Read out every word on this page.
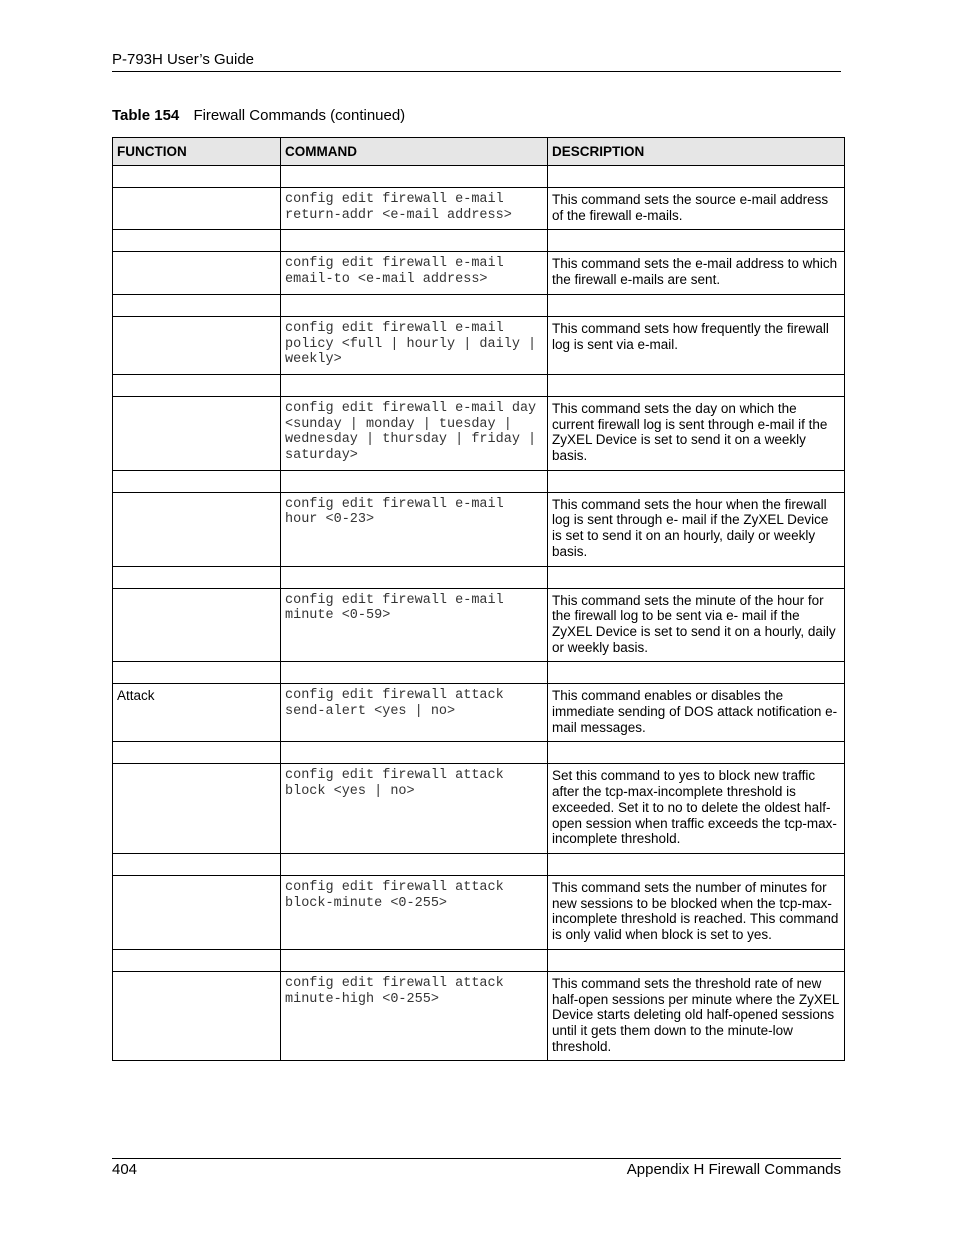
P-793H User’s Guide
Table 154 Firewall Commands (continued)
FUNCTION	COMMAND	DESCRIPTION

	config edit firewall e-mail return-addr <e-mail address>	This command sets the source e-mail address of the firewall e-mails.

	config edit firewall e-mail email-to <e-mail address>	This command sets the e-mail address to which the firewall e-mails are sent.

	config edit firewall e-mail policy <full | hourly | daily | weekly>	This command sets how frequently the firewall log is sent via e-mail.

	config edit firewall e-mail day <sunday | monday | tuesday | wednesday | thursday | friday | saturday>	This command sets the day on which the current firewall log is sent through e-mail if the ZyXEL Device is set to send it on a weekly basis.

	config edit firewall e-mail hour <0-23>	This command sets the hour when the firewall log is sent through e- mail if the ZyXEL Device is set to send it on an hourly, daily or weekly basis.

	config edit firewall e-mail minute <0-59>	This command sets the minute of the hour for the firewall log to be sent via e- mail if the ZyXEL Device is set to send it on a hourly, daily or weekly basis.

Attack	config edit firewall attack send-alert <yes | no>	This command enables or disables the immediate sending of DOS attack notification e-mail messages.

	config edit firewall attack block <yes | no>	Set this command to yes to block new traffic after the tcp-max-incomplete threshold is exceeded. Set it to no to delete the oldest half-open session when traffic exceeds the tcp-max-incomplete threshold.

	config edit firewall attack block-minute <0-255>	This command sets the number of minutes for new sessions to be blocked when the tcp-max-incomplete threshold is reached. This command is only valid when block is set to yes.

	config edit firewall attack minute-high <0-255>	This command sets the threshold rate of new half-open sessions per minute where the ZyXEL Device starts deleting old half-opened sessions until it gets them down to the minute-low threshold.
404	Appendix H Firewall Commands
